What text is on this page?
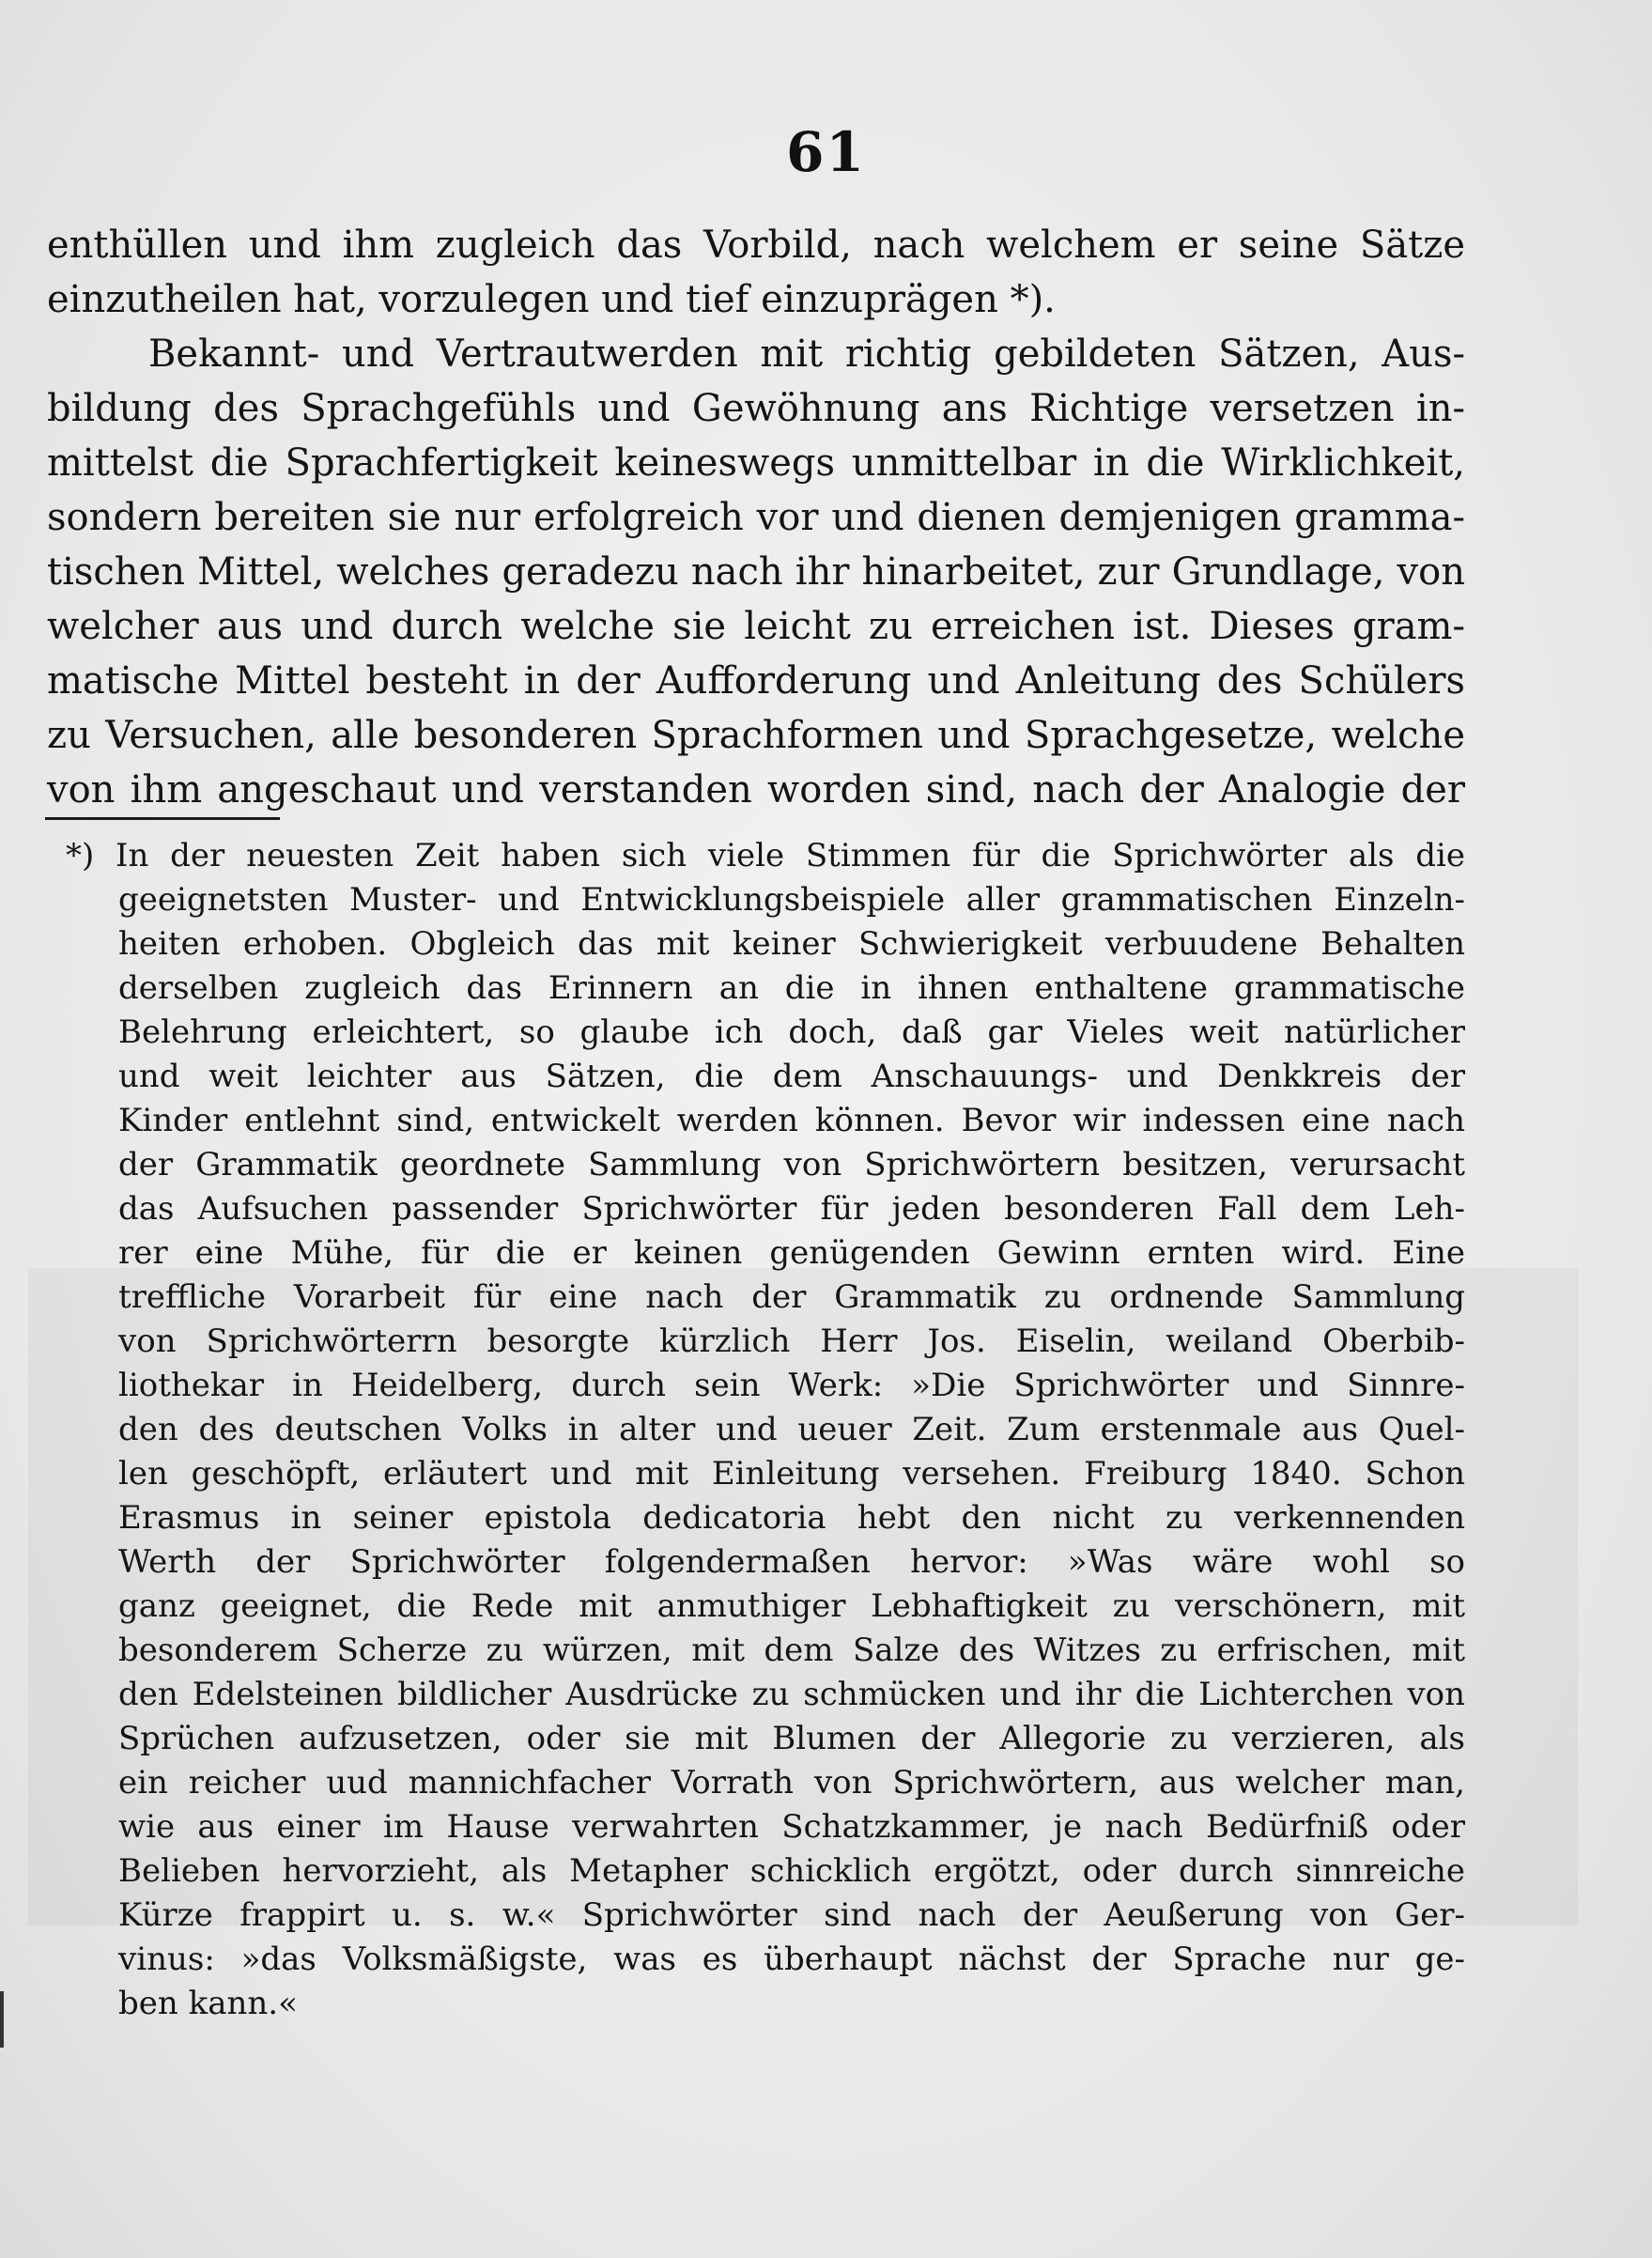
61
enthüllen und ihm zugleich das Vorbild, nach welchem er seine Sätze
einzutheilen hat, vorzulegen und tief einzuprägen *).
Bekannt- und Vertrautwerden mit richtig gebildeten Sätzen, Aus-
bildung des Sprachgefühls und Gewöhnung ans Richtige versetzen in-
mittelst die Sprachfertigkeit keineswegs unmittelbar in die Wirklichkeit,
sondern bereiten sie nur erfolgreich vor und dienen demjenigen gramma-
tischen Mittel, welches geradezu nach ihr hinarbeitet, zur Grundlage, von
welcher aus und durch welche sie leicht zu erreichen ist. Dieses gram-
matische Mittel besteht in der Aufforderung und Anleitung des Schülers
zu Versuchen, alle besonderen Sprachformen und Sprachgesetze, welche
von ihm angeschaut und verstanden worden sind, nach der Analogie der
*) In der neuesten Zeit haben sich viele Stimmen für die Sprichwörter als die
geeignetsten Muster- und Entwicklungsbeispiele aller grammatischen Einzeln-
heiten erhoben. Obgleich das mit keiner Schwierigkeit verbuudene Behalten
derselben zugleich das Erinnern an die in ihnen enthaltene grammatische
Belehrung erleichtert, so glaube ich doch, daß gar Vieles weit natürlicher
und weit leichter aus Sätzen, die dem Anschauungs- und Denkkreis der
Kinder entlehnt sind, entwickelt werden können. Bevor wir indessen eine nach
der Grammatik geordnete Sammlung von Sprichwörtern besitzen, verursacht
das Aufsuchen passender Sprichwörter für jeden besonderen Fall dem Leh-
rer eine Mühe, für die er keinen genügenden Gewinn ernten wird. Eine
treffliche Vorarbeit für eine nach der Grammatik zu ordnende Sammlung
von Sprichwörterrn besorgte kürzlich Herr Jos. Eiselin, weiland Oberbib-
liothekar in Heidelberg, durch sein Werk: »Die Sprichwörter und Sinnre-
den des deutschen Volks in alter und ueuer Zeit. Zum erstenmale aus Quel-
len geschöpft, erläutert und mit Einleitung versehen. Freiburg 1840. Schon
Erasmus in seiner epistola dedicatoria hebt den nicht zu verkennenden
Werth der Sprichwörter folgendermaßen hervor: »Was wäre wohl so
ganz geeignet, die Rede mit anmuthiger Lebhaftigkeit zu verschönern, mit
besonderem Scherze zu würzen, mit dem Salze des Witzes zu erfrischen, mit
den Edelsteinen bildlicher Ausdrücke zu schmücken und ihr die Lichterchen von
Sprüchen aufzusetzen, oder sie mit Blumen der Allegorie zu verzieren, als
ein reicher uud mannichfacher Vorrath von Sprichwörtern, aus welcher man,
wie aus einer im Hause verwahrten Schatzkammer, je nach Bedürfniß oder
Belieben hervorzieht, als Metapher schicklich ergötzt, oder durch sinnreiche
Kürze frappirt u. s. w.« Sprichwörter sind nach der Aeußerung von Ger-
vinus: »das Volksmäßigste, was es überhaupt nächst der Sprache nur ge-
ben kann.«
